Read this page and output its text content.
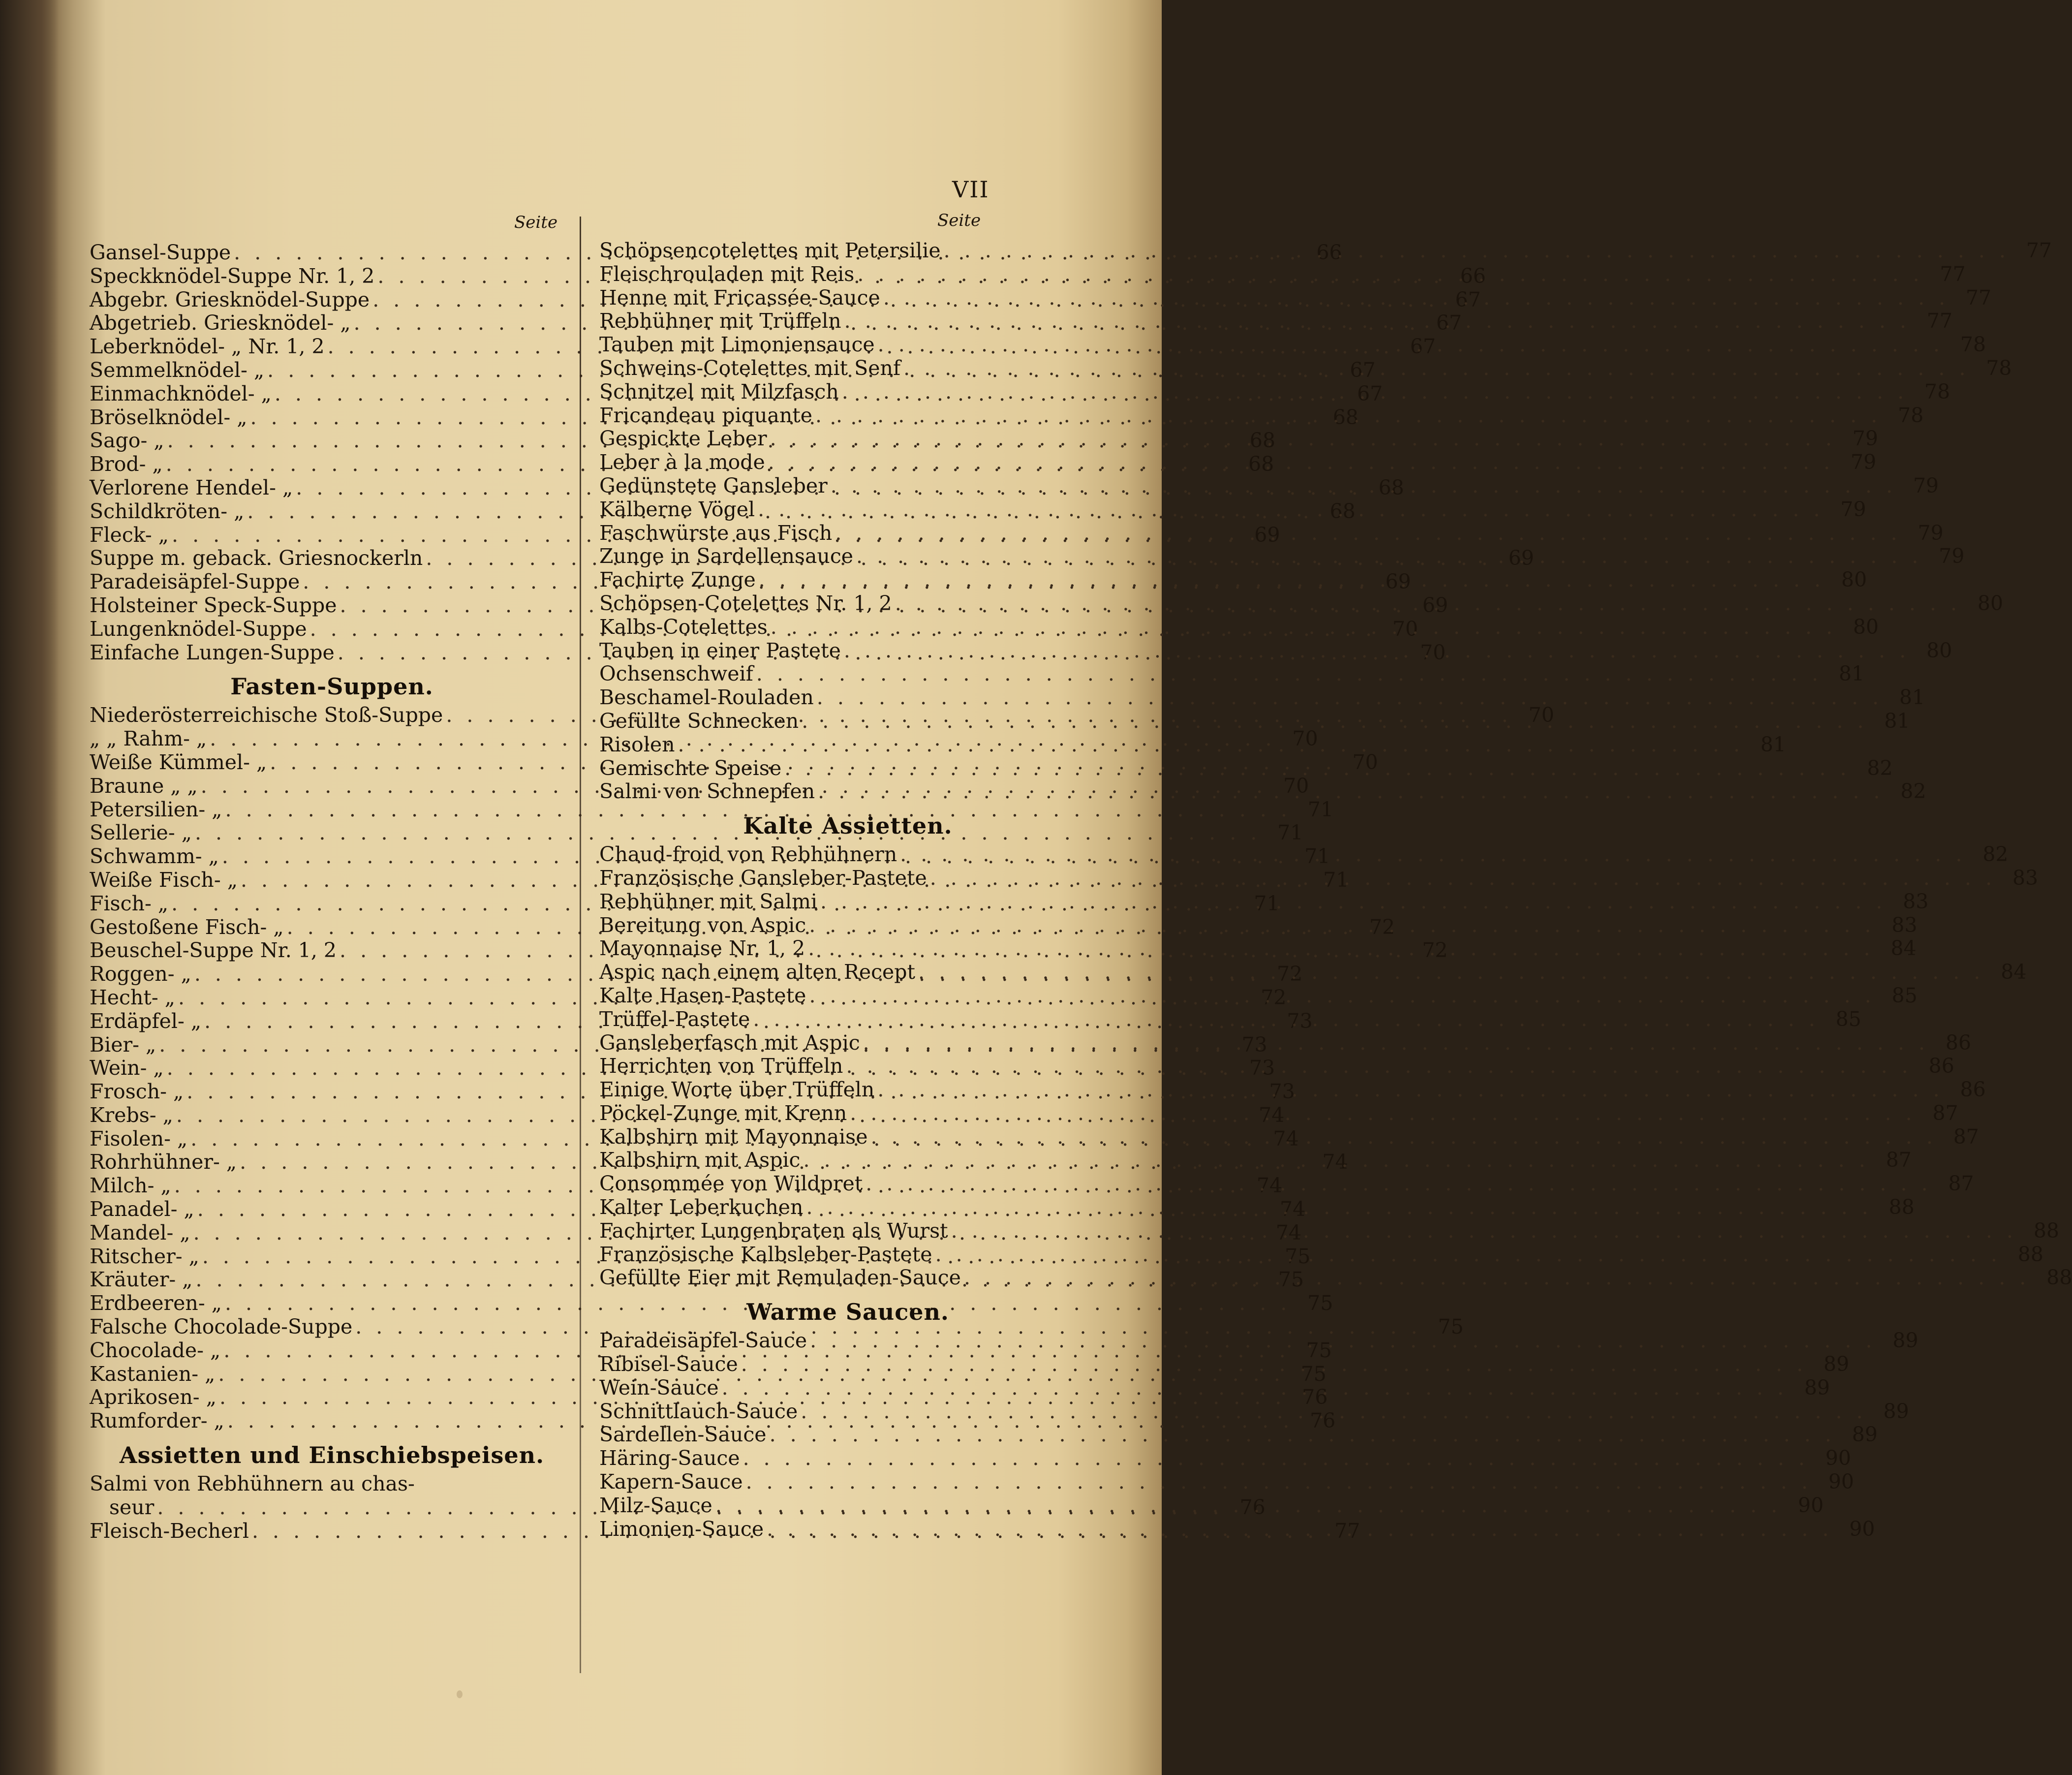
VII
Seite	Seite
Gansel-Suppe . . .	66
Speckknödel-Suppe Nr. 1, 2 . . .	66
Abgebr. Griesknödel-Suppe . . .	67
Abgetrieb. Griesknödel- „ . . .	67
Leberknödel- „ Nr. 1, 2 . . .	67
Semmelknödel- „ . . .	67
Einmachknödel- „ . . .	67
Bröselknödel- „ . . .	68
Sago- „ . . .	68
Brod- „ . . .	68
Verlorene Hendel- „ . . .	68
Schildkröten- „ . . .	68
Fleck- „ . . .	69
Suppe m. geback. Griesnockerln . . .	69
Paradeisäpfel-Suppe . . .	69
Holsteiner Speck-Suppe . . .	69
Lungenknödel-Suppe . . .	70
Einfache Lungen-Suppe . . .	70
Fasten-Suppen.
Niederösterreichische Stoß-Suppe . . .	70
„ „ Rahm- „ . . .	70
Weiße Kümmel- „ . . .	70
Braune „ „ . . .	70
Petersilien- „ . . .	71
Sellerie- „ . . .	71
Schwamm- „ . . .	71
Weiße Fisch- „ . . .	71
Fisch- „ . . .	71
Gestoßene Fisch- „ . . .	72
Beuschel-Suppe Nr. 1, 2 . . .	72
Roggen- „ . . .	72
Hecht- „ . . .	72
Erdäpfel- „ . . .	73
Bier- „ . . .	73
Wein- „ . . .	73
Frosch- „ . . .	73
Krebs- „ . . .	74
Fisolen- „ . . .	74
Rohrhühner- „ . . .	74
Milch- „ . . .	74
Panadel- „ . . .	74
Mandel- „ . . .	74
Ritscher- „ . . .	75
Kräuter- „ . . .	75
Erdbeeren- „ . . .	75
Falsche Chocolade-Suppe . . .	75
Chocolade- „ . . .	75
Kastanien- „ . . .	75
Aprikosen- „ . . .	76
Rumforder- „ . . .	76
Assietten und Einschiebspeisen.
Salmi von Rebhühnern au chas-
seur . . .	76
Fleisch-Becherl . . .	77
Schöpsencotelettes mit Petersilie . . .	77
Fleischrouladen mit Reis . . .	77
Henne mit Fricassée-Sauce . . .	77
Rebhühner mit Trüffeln . . .	77
Tauben mit Limoniensauce . . .	78
Schweins-Cotelettes mit Senf . . .	78
Schnitzel mit Milzfasch . . .	78
Fricandeau piquante . . .	78
Gespickte Leber . . .	79
Leber à la mode . . .	79
Gedünstete Gansleber . . .	79
Kälberne Vögel . . .	79
Faschwürste aus Fisch . . .	79
Zunge in Sardellensauce . . .	79
Fachirte Zunge . . .	80
Schöpsen-Cotelettes Nr. 1, 2 . . .	80
Kalbs-Cotelettes . . .	80
Tauben in einer Pastete . . .	80
Ochsenschweif . . .	81
Beschamel-Rouladen . . .	81
Gefüllte Schnecken . . .	81
Risolen . . .	81
Gemischte Speise . . .	82
Salmi von Schnepfen . . .	82
Kalte Assietten.
Chaud-froid von Rebhühnern . . .	82
Französische Gansleber-Pastete . . .	83
Rebhühner mit Salmi . . .	83
Bereitung von Aspic . . .	83
Mayonnaise Nr. 1, 2 . . .	84
Aspic nach einem alten Recept . . .	84
Kalte Hasen-Pastete . . .	85
Trüffel-Pastete . . .	85
Gansleberfasch mit Aspic . . .	86
Herrichten von Trüffeln . . .	86
Einige Worte über Trüffeln . . .	86
Pöckel-Zunge mit Krenn . . .	87
Kalbshirn mit Mayonnaise . . .	87
Kalbshirn mit Aspic . . .	87
Consommée von Wildpret . . .	87
Kalter Leberkuchen . . .	88
Fachirter Lungenbraten als Wurst . . .	88
Französische Kalbsleber-Pastete . . .	88
Gefüllte Eier mit Remuladen-Sauce . . .	88
Warme Saucen.
Paradeisäpfel-Sauce . . .	89
Ribisel-Sauce . . .	89
Wein-Sauce . . .	89
Schnittlauch-Sauce . . .	89
Sardellen-Sauce . . .	89
Häring-Sauce . . .	90
Kapern-Sauce . . .	90
Milz-Sauce . . .	90
Limonien-Sauce . . .	90
